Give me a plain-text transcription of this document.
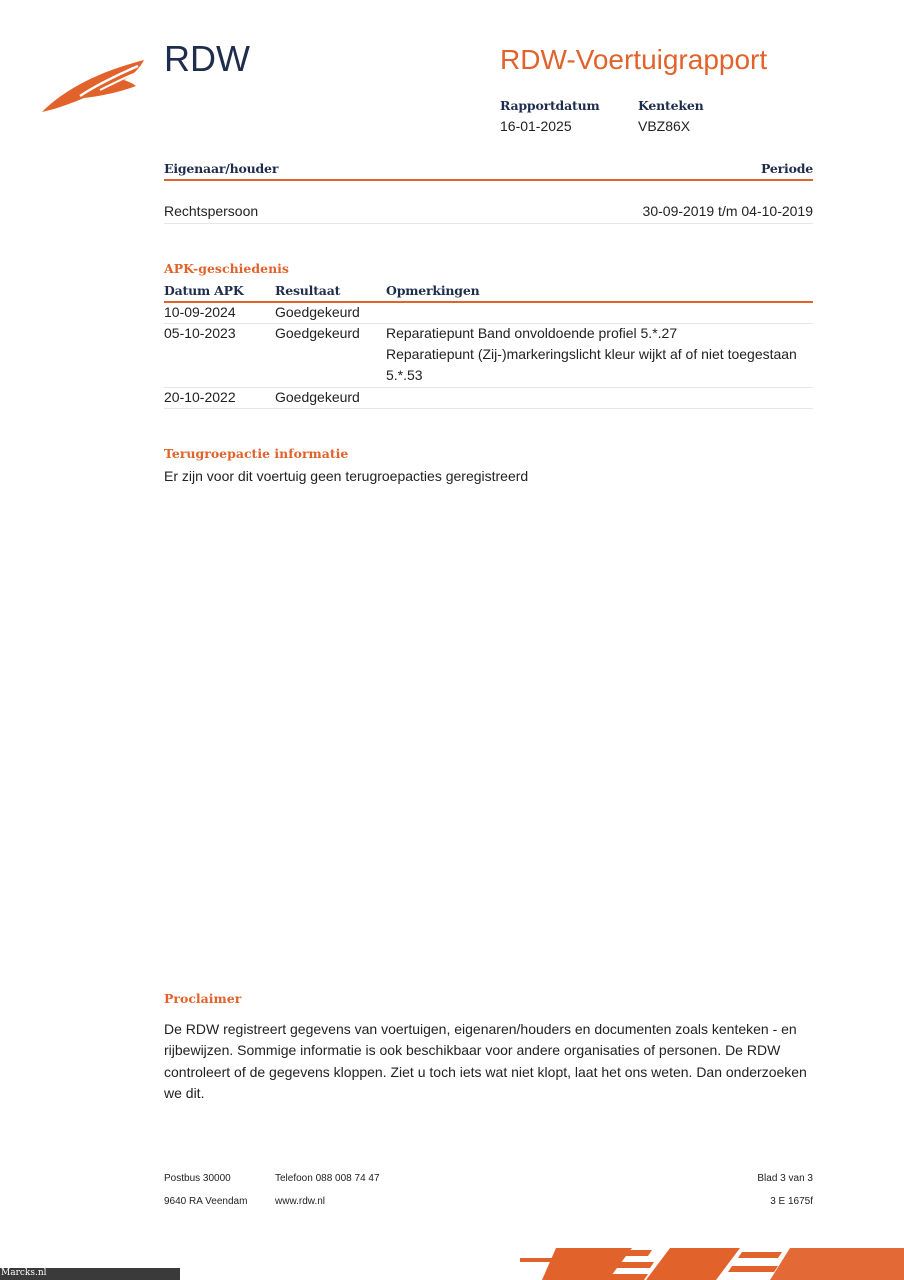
RDW	RDW-Voertuigrapport
Rapportdatum
16-01-2025
Kenteken
VBZ86X
Eigenaar/houder	Periode
Rechtspersoon	30-09-2019 t/m 04-10-2019
APK-geschiedenis
Datum APK	Resultaat	Opmerkingen
10-09-2024	Goedgekeurd
05-10-2023	Goedgekeurd Reparatiepunt Band onvoldoende profiel 5.*.27
Reparatiepunt (Zij-)markeringslicht kleur wijkt af of niet toegestaan
5.*.53
20-10-2022	Goedgekeurd
Terugroepactie informatie
Er zijn voor dit voertuig geen terugroepacties geregistreerd
Proclaimer
De RDW registreert gegevens van voertuigen, eigenaren/houders en documenten zoals kenteken - en
rijbewijzen. Sommige informatie is ook beschikbaar voor andere organisaties of personen. De RDW
controleert of de gegevens kloppen. Ziet u toch iets wat niet klopt, laat het ons weten. Dan onderzoeken
we dit.
Postbus 30000	Telefoon 088 008 74 47	Blad 3 van 3
9640 RA Veendam	www.rdw.nl	3 E 1675f
Marcks.nl
